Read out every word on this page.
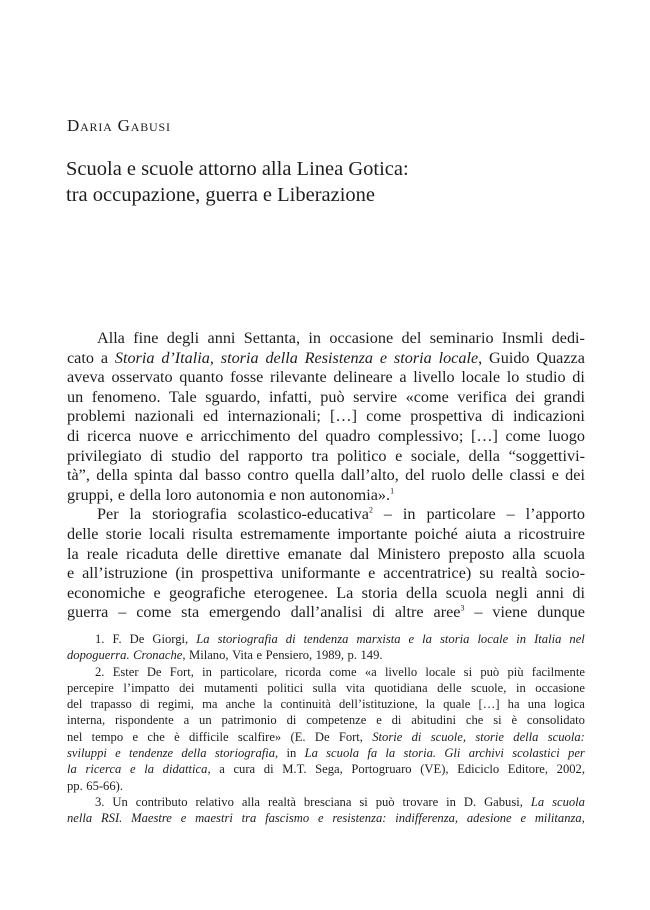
Daria Gabusi
Scuola e scuole attorno alla Linea Gotica:
tra occupazione, guerra e Liberazione
Alla fine degli anni Settanta, in occasione del seminario Insmli dedi-
cato a Storia d’Italia, storia della Resistenza e storia locale, Guido Quazza
aveva osservato quanto fosse rilevante delineare a livello locale lo studio di
un fenomeno. Tale sguardo, infatti, può servire «come verifica dei grandi
problemi nazionali ed internazionali; […] come prospettiva di indicazioni
di ricerca nuove e arricchimento del quadro complessivo; […] come luogo
privilegiato di studio del rapporto tra politico e sociale, della “soggettivi-
tà”, della spinta dal basso contro quella dall’alto, del ruolo delle classi e dei
gruppi, e della loro autonomia e non autonomia».$^1$
Per la storiografia scolastico-educativa$^2$ – in particolare – l’apporto
delle storie locali risulta estremamente importante poiché aiuta a ricostruire
la reale ricaduta delle direttive emanate dal Ministero preposto alla scuola
e all’istruzione (in prospettiva uniformante e accentratrice) su realtà socio-
economiche e geografiche eterogenee. La storia della scuola negli anni di
guerra – come sta emergendo dall’analisi di altre aree$^3$ – viene dunque
1. F. De Giorgi, La storiografia di tendenza marxista e la storia locale in Italia nel
dopoguerra. Cronache, Milano, Vita e Pensiero, 1989, p. 149.
2. Ester De Fort, in particolare, ricorda come «a livello locale si può più facilmente
percepire l’impatto dei mutamenti politici sulla vita quotidiana delle scuole, in occasione
del trapasso di regimi, ma anche la continuità dell’istituzione, la quale […] ha una logica
interna, rispondente a un patrimonio di competenze e di abitudini che si è consolidato
nel tempo e che è difficile scalfire» (E. De Fort, Storie di scuole, storie della scuola:
sviluppi e tendenze della storiografia, in La scuola fa la storia. Gli archivi scolastici per
la ricerca e la didattica, a cura di M.T. Sega, Portogruaro (VE), Ediciclo Editore, 2002,
pp. 65-66).
3. Un contributo relativo alla realtà bresciana si può trovare in D. Gabusi, La scuola
nella RSI. Maestre e maestri tra fascismo e resistenza: indifferenza, adesione e militanza,
